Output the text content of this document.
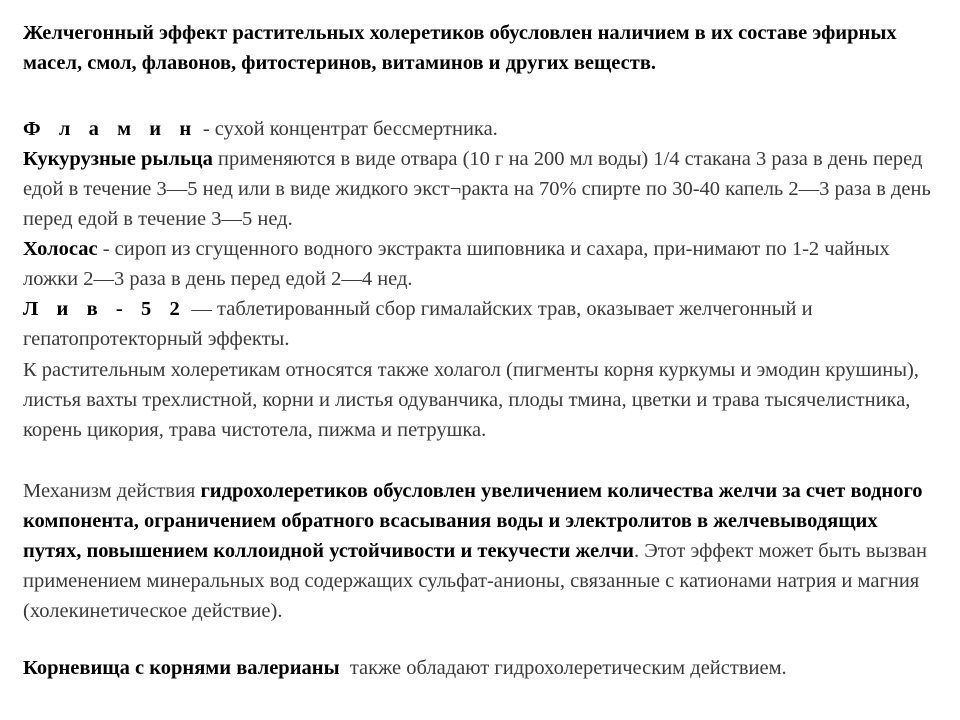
Желчегонный эффект растительных холеретиков обусловлен наличием в их составе эфирных масел, смол, флавонов, фитостеринов, витаминов и других веществ.

Ф л а м и н - сухой концентрат бессмертника.

Кукурузные рыльца применяются в виде отвара (10 г на 200 мл воды) 1/4 стакана 3 раза в день перед едой в течение 3—5 нед или в виде жидкого экст¬ракта на 70% спирте по 30-40 капель 2—3 раза в день перед едой в течение 3—5 нед.

Холосас - сироп из сгущенного водного экстракта шиповника и сахара, при-нимают по 1-2 чайных ложки 2—3 раза в день перед едой 2—4 нед.

Л и в - 5 2 — таблетированный сбор гималайских трав, оказывает желчегонный и гепатопротекторный эффекты.

К растительным холеретикам относятся также холагол (пигменты корня куркумы и эмодин крушины), листья вахты трехлистной, корни и листья одуванчика, плоды тмина, цветки и трава тысячелистника, корень цикория, трава чистотела, пижма и петрушка.

Механизм действия гидрохолеретиков обусловлен увеличением количества желчи за счет водного компонента, ограничением обратного всасывания воды и электролитов в желчевыводящих путях, повышением коллоидной устойчивости и текучести желчи. Этот эффект может быть вызван применением минеральных вод содержащих сульфат-анионы, связанные с катионами натрия и магния (холекинетическое действие).

Корневища с корнями валерианы  также обладают гидрохолеретическим действием.
